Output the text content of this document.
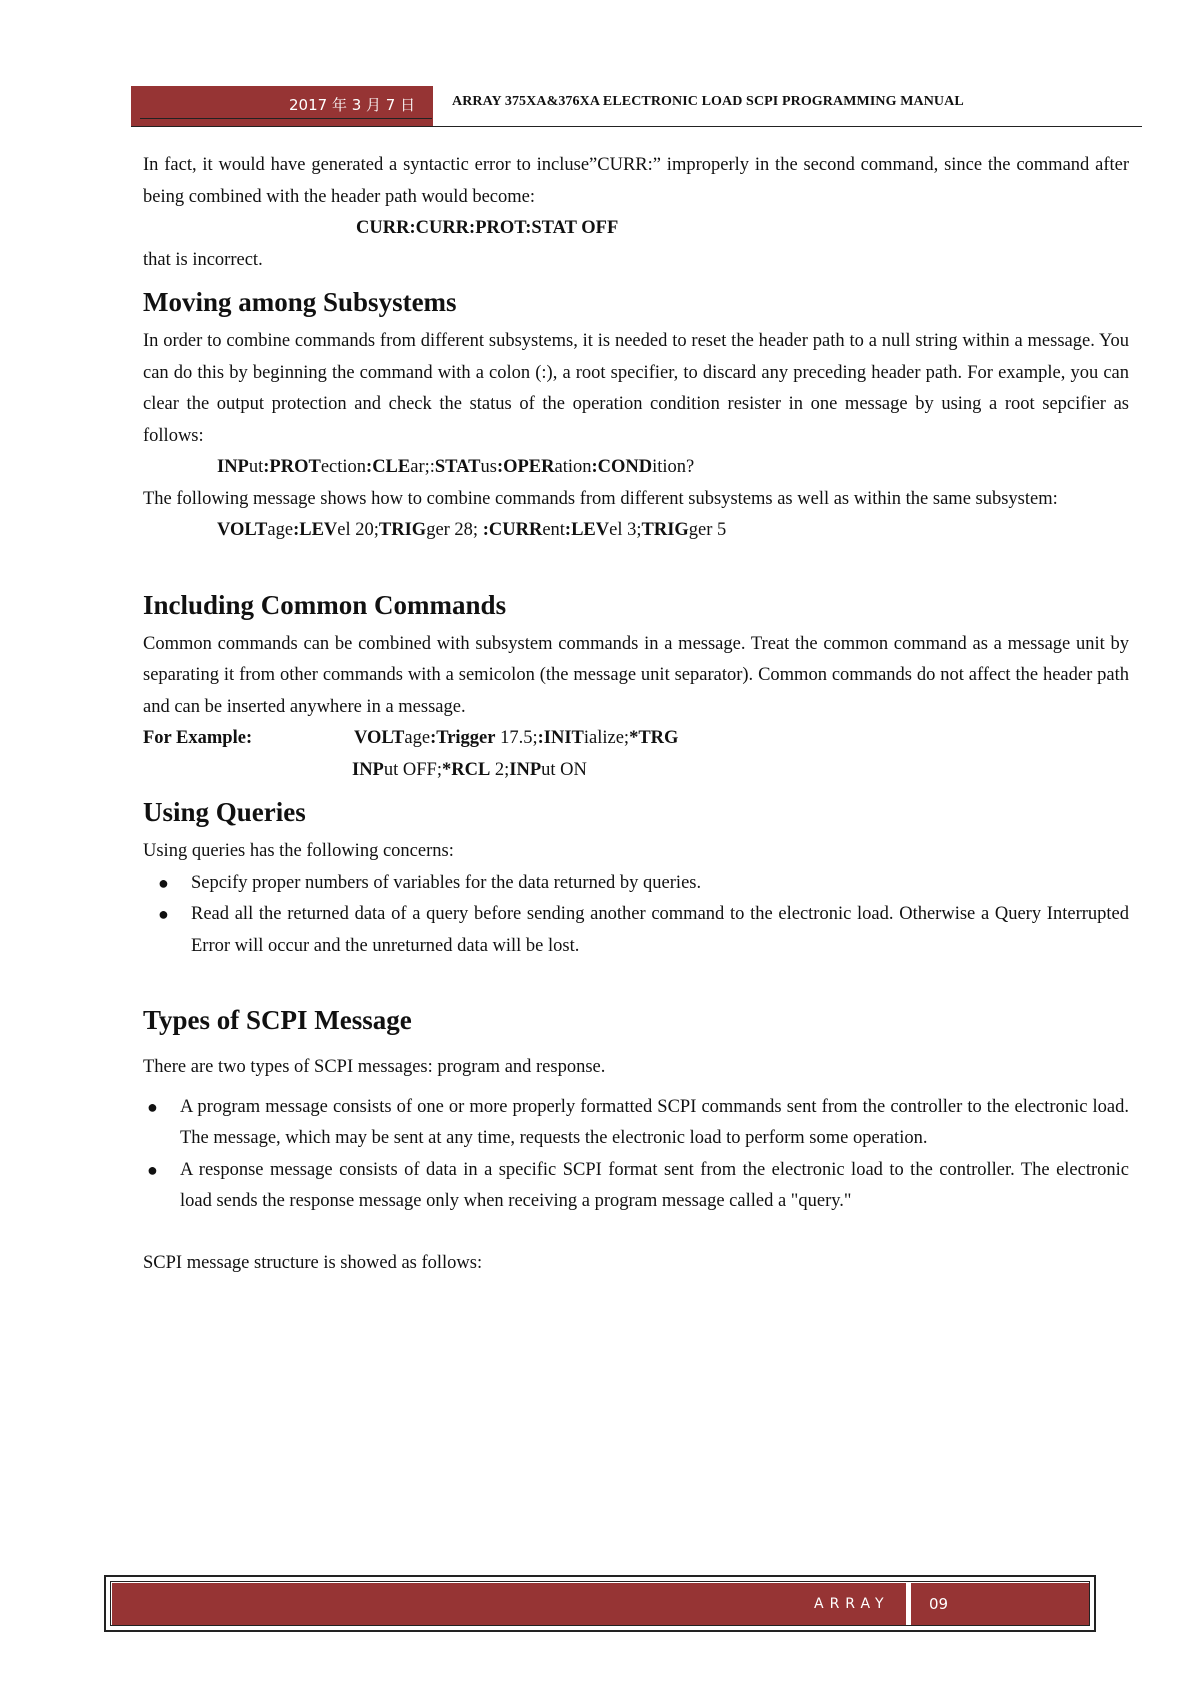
2017 年 3 月 7 日	ARRAY 375XA&376XA ELECTRONIC LOAD SCPI PROGRAMMING MANUAL

In fact, it would have generated a syntactic error to incluse”CURR:” improperly in the second command, since the command after being combined with the header path would become:

CURR:CURR:PROT:STAT OFF

that is incorrect.

Moving among Subsystems

In order to combine commands from different subsystems, it is needed to reset the header path to a null string within a message. You can do this by beginning the command with a colon (:), a root specifier, to discard any preceding header path. For example, you can clear the output protection and check the status of the operation condition resister in one message by using a root sepcifier as follows:

INPut:PROTection:CLEar;:STATus:OPERation:CONDition?

The following message shows how to combine commands from different subsystems as well as within the same subsystem:

VOLTage:LEVel 20;TRIGger 28; :CURRent:LEVel 3;TRIGger 5
Including Common Commands

Common commands can be combined with subsystem commands in a message. Treat the common command as a message unit by separating it from other commands with a semicolon (the message unit separator). Common commands do not affect the header path and can be inserted anywhere in a message.

For Example:	VOLTage:Trigger 17.5;:INITialize;*TRG
INPut OFF;*RCL 2;INPut ON
Using Queries

Using queries has the following concerns:

● Sepcify proper numbers of variables for the data returned by queries.
● Read all the returned data of a query before sending another command to the electronic load. Otherwise a Query Interrupted Error will occur and the unreturned data will be lost.
Types of SCPI Message

There are two types of SCPI messages: program and response.

● A program message consists of one or more properly formatted SCPI commands sent from the controller to the electronic load. The message, which may be sent at any time, requests the electronic load to perform some operation.
● A response message consists of data in a specific SCPI format sent from the electronic load to the controller. The electronic load sends the response message only when receiving a program message called a "query."

SCPI message structure is showed as follows:

ARRAY	09
